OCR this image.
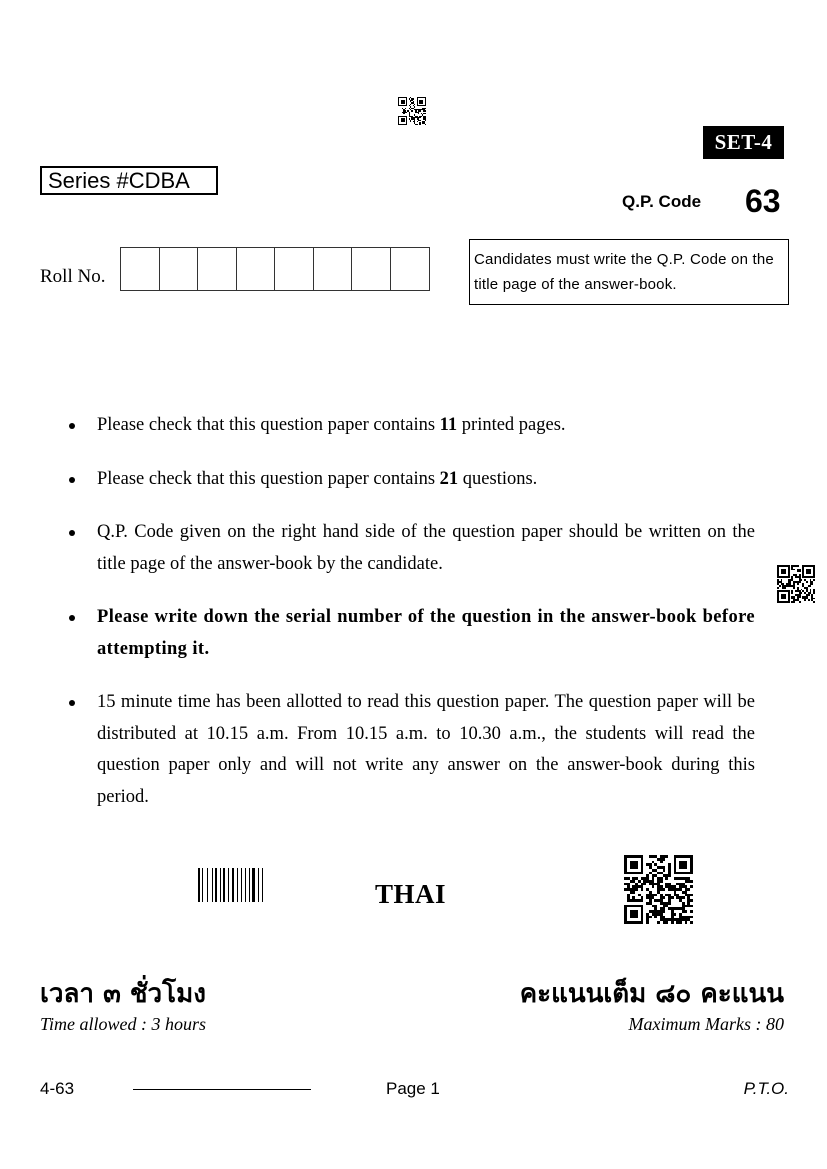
SET-4
Series #CDBA
Q.P. Code 63
Roll No.
Candidates must write the Q.P. Code on the title page of the answer-book.
Please check that this question paper contains 11 printed pages.
Please check that this question paper contains 21 questions.
Q.P. Code given on the right hand side of the question paper should be written on the title page of the answer-book by the candidate.
Please write down the serial number of the question in the answer-book before attempting it.
15 minute time has been allotted to read this question paper. The question paper will be distributed at 10.15 a.m. From 10.15 a.m. to 10.30 a.m., the students will read the question paper only and will not write any answer on the answer-book during this period.
THAI
เวลา ๓ ชั่วโมง	คะแนนเต็ม ๘๐ คะแนน
Time allowed : 3 hours	Maximum Marks : 80
4-63	Page 1	P.T.O.
